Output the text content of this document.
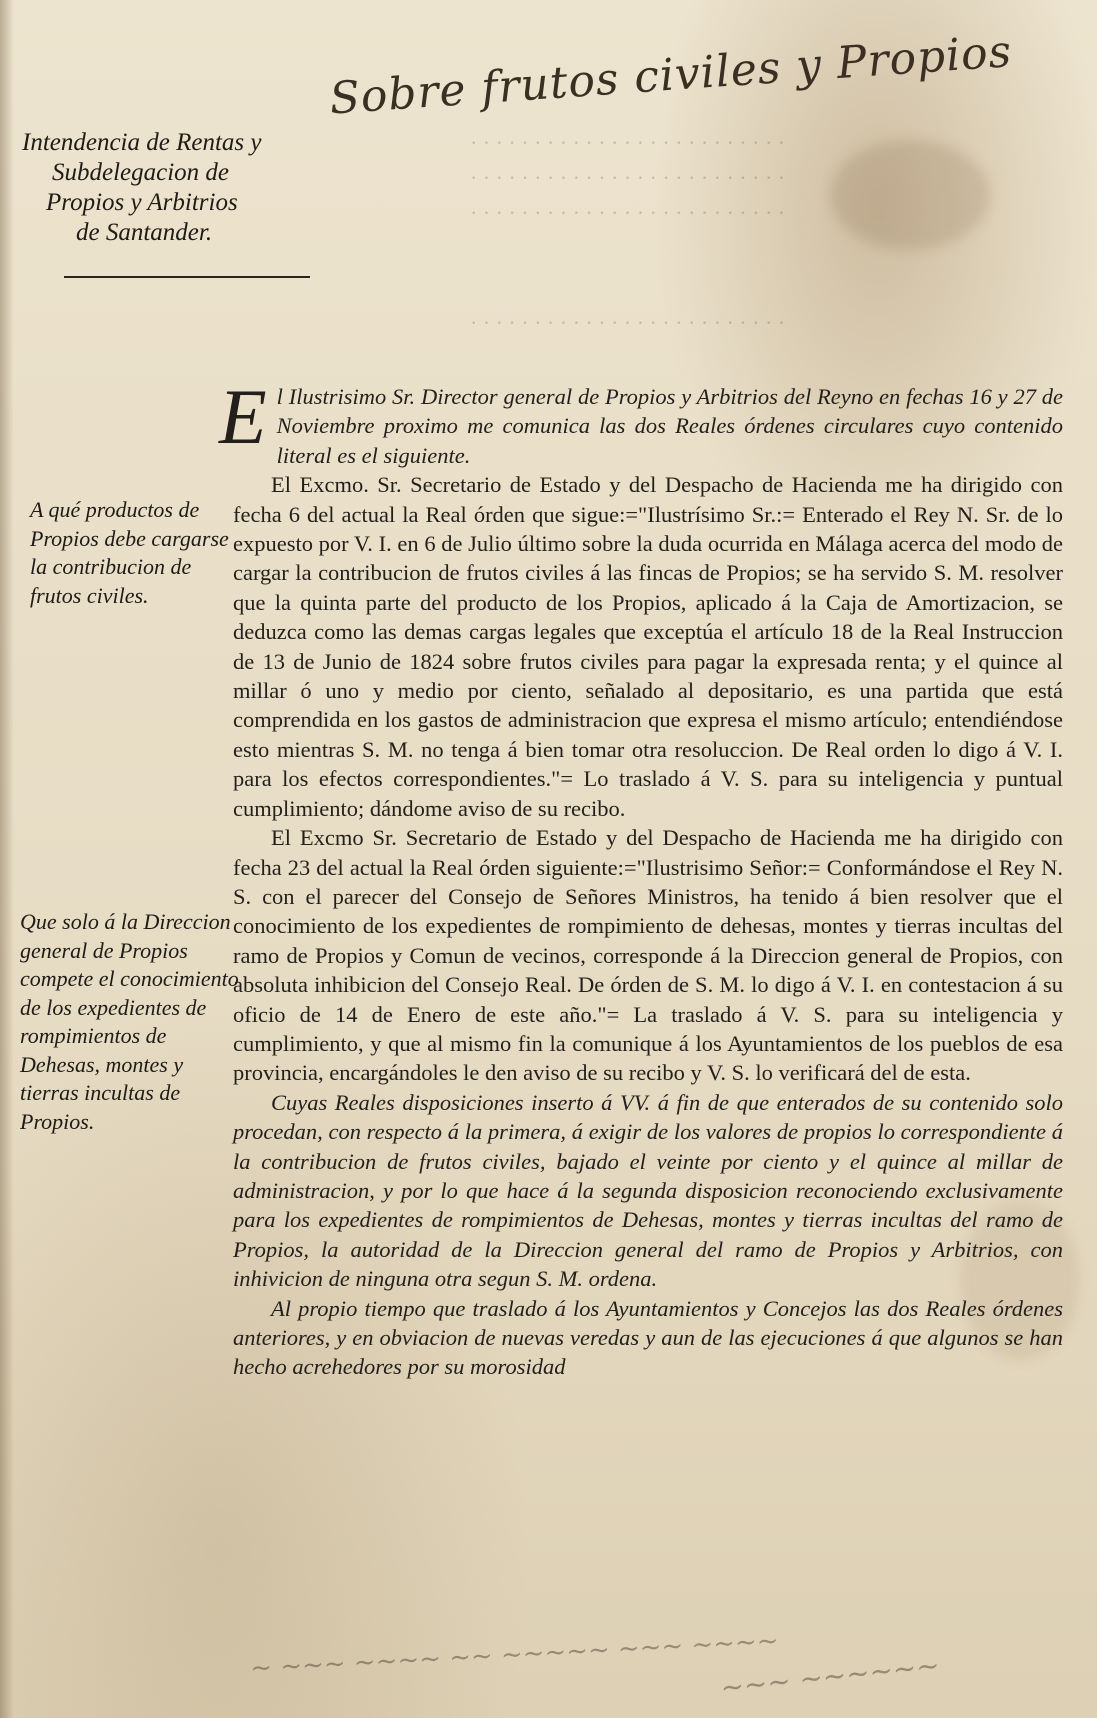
· · · · · · · · · · · · · · · · · · · · · · · · ·
· · · · · · · · · · · · · · · · · · · · · · · · ·
· · · · · · · · · · · · · · · · · · · · · · · · ·
· · · · · · · · · · · · · · · · · · · · · · · · ·
Sobre frutos civiles y Propios
Intendencia de Rentas y
Subdelegacion de
Propios y Arbitrios
de Santander.
A qué productos de Propios debe cargarse la contribucion de frutos civiles.
Que solo á la Direccion general de Propios compete el conocimiento de los expedientes de rompimientos de Dehesas, montes y tierras incultas de Propios.

El Ilustrisimo Sr. Director general de Propios y Arbitrios del Reyno en fechas 16 y 27 de Noviembre proximo me comunica las dos Reales órdenes circulares cuyo contenido literal es el siguiente.

El Excmo. Sr. Secretario de Estado y del Despacho de Hacienda me ha dirigido con fecha 6 del actual la Real órden que sigue:="Ilustrísimo Sr.:= Enterado el Rey N. Sr. de lo expuesto por V. I. en 6 de Julio último sobre la duda ocurrida en Málaga acerca del modo de cargar la contribucion de frutos civiles á las fincas de Propios; se ha servido S. M. resolver que la quinta parte del producto de los Propios, aplicado á la Caja de Amortizacion, se deduzca como las demas cargas legales que exceptúa el artículo 18 de la Real Instruccion de 13 de Junio de 1824 sobre frutos civiles para pagar la expresada renta; y el quince al millar ó uno y medio por ciento, señalado al depositario, es una partida que está comprendida en los gastos de administracion que expresa el mismo artículo; entendiéndose esto mientras S. M. no tenga á bien tomar otra resoluccion. De Real orden lo digo á V. I. para los efectos correspondientes."= Lo traslado á V. S. para su inteligencia y puntual cumplimiento; dándome aviso de su recibo.

El Excmo Sr. Secretario de Estado y del Despacho de Hacienda me ha dirigido con fecha 23 del actual la Real órden siguiente:="Ilustrisimo Señor:= Conformándose el Rey N. S. con el parecer del Consejo de Señores Ministros, ha tenido á bien resolver que el conocimiento de los expedientes de rompimiento de dehesas, montes y tierras incultas del ramo de Propios y Comun de vecinos, corresponde á la Direccion general de Propios, con absoluta inhibicion del Consejo Real. De órden de S. M. lo digo á V. I. en contestacion á su oficio de 14 de Enero de este año."= La traslado á V. S. para su inteligencia y cumplimiento, y que al mismo fin la comunique á los Ayuntamientos de los pueblos de esa provincia, encargándoles le den aviso de su recibo y V. S. lo verificará del de esta.

Cuyas Reales disposiciones inserto á VV. á fin de que enterados de su contenido solo procedan, con respecto á la primera, á exigir de los valores de propios lo correspondiente á la contribucion de frutos civiles, bajado el veinte por ciento y el quince al millar de administracion, y por lo que hace á la segunda disposicion reconociendo exclusivamente para los expedientes de rompimientos de Dehesas, montes y tierras incultas del ramo de Propios, la autoridad de la Direccion general del ramo de Propios y Arbitrios, con inhivicion de ninguna otra segun S. M. ordena.

Al propio tiempo que traslado á los Ayuntamientos y Concejos las dos Reales órdenes anteriores, y en obviacion de nuevas veredas y aun de las ejecuciones á que algunos se han hecho acrehedores por su morosidad

~ ~~~ ~~~~ ~~ ~~~~~ ~~~ ~~~~
~~~ ~~~~~~
